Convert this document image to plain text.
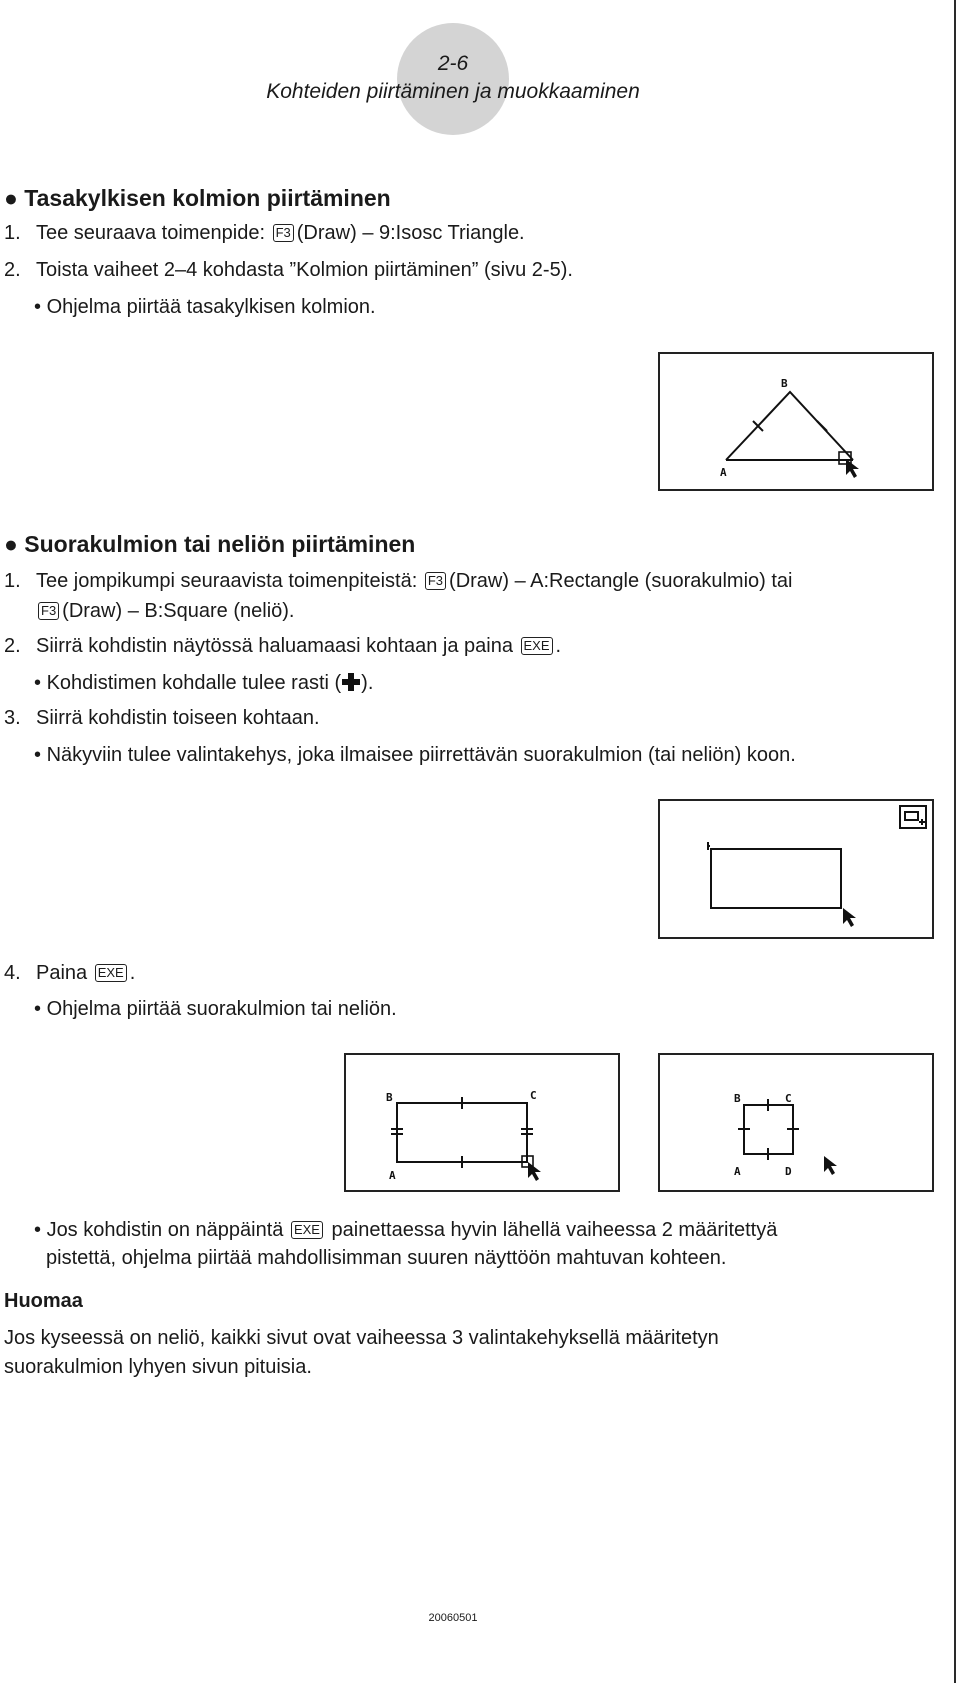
2-6
Kohteiden piirtäminen ja muokkaaminen
● Tasakylkisen kolmion piirtäminen
1. Tee seuraava toimenpide: F3 (Draw) – 9:Isosc Triangle.
2. Toista vaiheet 2–4 kohdasta ”Kolmion piirtäminen” (sivu 2-5).
• Ohjelma piirtää tasakylkisen kolmion.
A
B
● Suorakulmion tai neliön piirtäminen
1. Tee jompikumpi seuraavista toimenpiteistä: F3 (Draw) – A:Rectangle (suorakulmio) tai
F3 (Draw) – B:Square (neliö).
2. Siirrä kohdistin näytössä haluamaasi kohtaan ja paina EXE .
• Kohdistimen kohdalle tulee rasti ( ).
3. Siirrä kohdistin toiseen kohtaan.
• Näkyviin tulee valintakehys, joka ilmaisee piirrettävän suorakulmion (tai neliön) koon.
4. Paina EXE .
• Ohjelma piirtää suorakulmion tai neliön.
A
B	C
A
B	C
D
• Jos kohdistin on näppäintä EXE painettaessa hyvin lähellä vaiheessa 2 määritettyä
pistettä, ohjelma piirtää mahdollisimman suuren näyttöön mahtuvan kohteen.
Huomaa
Jos kyseessä on neliö, kaikki sivut ovat vaiheessa 3 valintakehyksellä määritetyn
suorakulmion lyhyen sivun pituisia.
20060501
